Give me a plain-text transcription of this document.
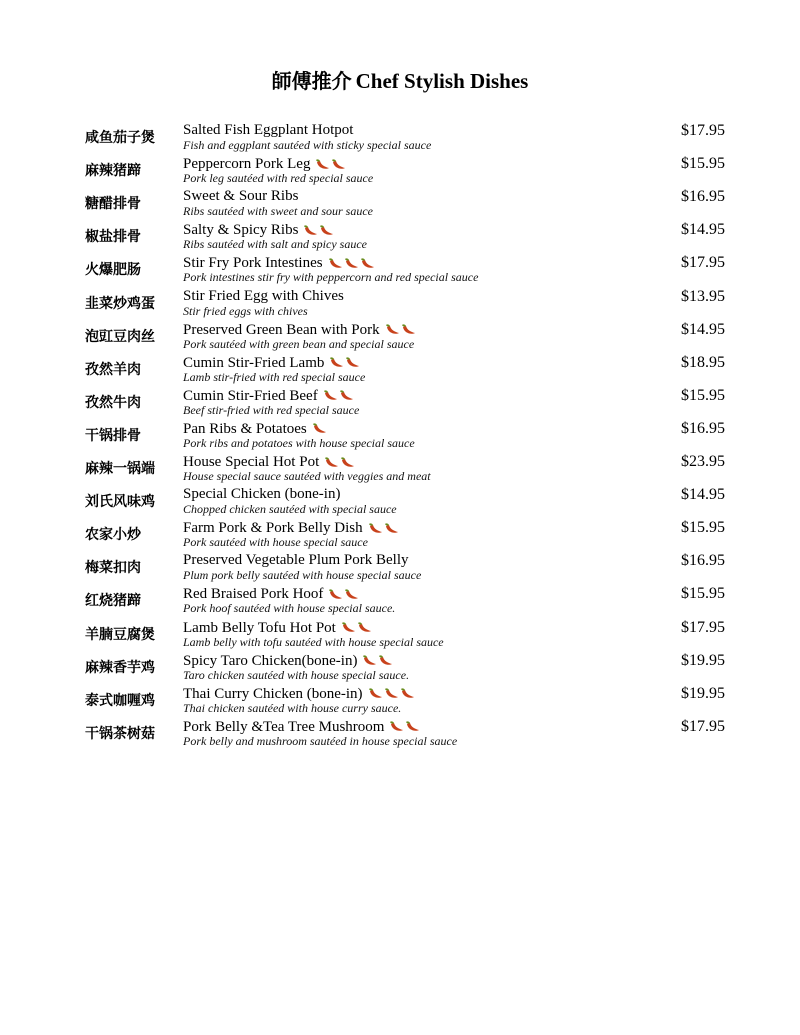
師傅推介 Chef Stylish Dishes
咸鱼茄子煲 Salted Fish Eggplant Hotpot
Fish and eggplant sautéed with sticky special sauce
$17.95
麻辣猪蹄	Peppercorn Pork Leg
Pork leg sautéed with red special sauce
$15.95
糖醋排骨	Sweet & Sour Ribs
Ribs sautéed with sweet and sour sauce
$16.95
椒盐排骨	Salty & Spicy Ribs
Ribs sautéed with salt and spicy sauce
$14.95
火爆肥肠	Stir Fry Pork Intestines
Pork intestines stir fry with peppercorn and red special sauce
$17.95
韭菜炒鸡蛋 Stir Fried Egg with Chives
Stir fried eggs with chives
$13.95
泡豇豆肉丝 Preserved Green Bean with Pork
Pork sautéed with green bean and special sauce
$14.95
孜然羊肉	Cumin Stir-Fried Lamb
Lamb stir-fried with red special sauce
$18.95
孜然牛肉	Cumin Stir-Fried Beef
Beef stir-fried with red special sauce
$15.95
干锅排骨	Pan Ribs & Potatoes
Pork ribs and potatoes with house special sauce
$16.95
麻辣一锅端 House Special Hot Pot
House special sauce sautéed with veggies and meat
$23.95
刘氏风味鸡 Special Chicken (bone-in)
Chopped chicken sautéed with special sauce
$14.95
农家小炒	Farm Pork & Pork Belly Dish
Pork sautéed with house special sauce
$15.95
梅菜扣肉	Preserved Vegetable Plum Pork Belly
Plum pork belly sautéed with house special sauce
$16.95
红烧猪蹄	Red Braised Pork Hoof
Pork hoof sautéed with house special sauce.
$15.95
羊腩豆腐煲 Lamb Belly Tofu Hot Pot
Lamb belly with tofu sautéed with house special sauce
$17.95
麻辣香芋鸡 Spicy Taro Chicken(bone-in)
Taro chicken sautéed with house special sauce.
$19.95
泰式咖喱鸡 Thai Curry Chicken (bone-in)
Thai chicken sautéed with house curry sauce.
$19.95
干锅茶树菇 Pork Belly &Tea Tree Mushroom
Pork belly and mushroom sautéed in house special sauce
$17.95
